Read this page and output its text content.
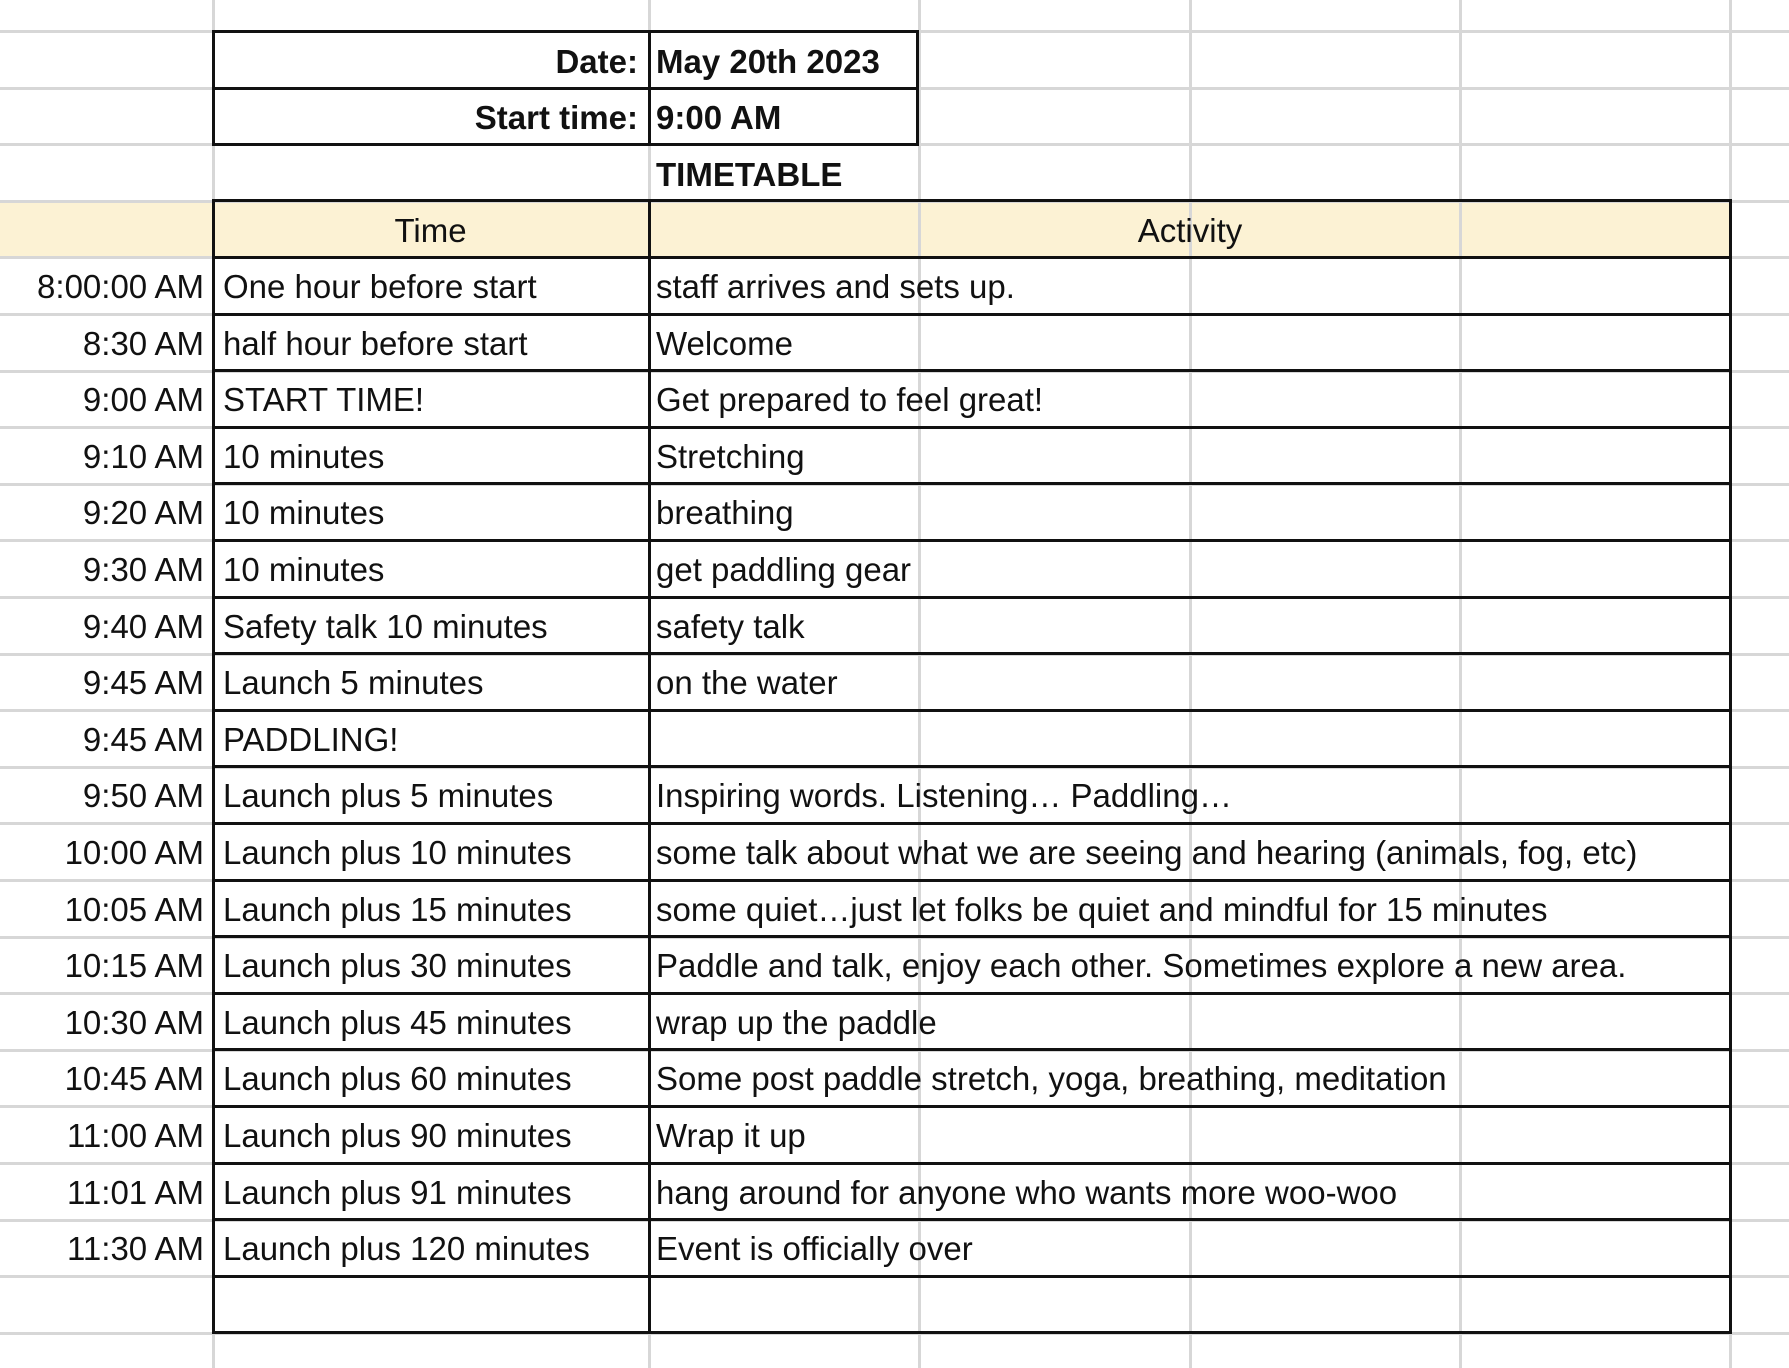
Date: May 20th 2023
Start time: 9:00 AM
TIMETABLE
Time	Activity
8:00:00 AM One hour before start	staff arrives and sets up.
8:30 AM half hour before start	Welcome
9:00 AM START TIME!	Get prepared to feel great!
9:10 AM 10 minutes	Stretching
9:20 AM 10 minutes	breathing
9:30 AM 10 minutes	get paddling gear
9:40 AM Safety talk 10 minutes	safety talk
9:45 AM Launch 5 minutes	on the water
9:45 AM PADDLING!
9:50 AM Launch plus 5 minutes	Inspiring words. Listening… Paddling…
10:00 AM Launch plus 10 minutes	some talk about what we are seeing and hearing (animals, fog, etc)
10:05 AM Launch plus 15 minutes	some quiet…just let folks be quiet and mindful for 15 minutes
10:15 AM Launch plus 30 minutes	Paddle and talk, enjoy each other. Sometimes explore a new area.
10:30 AM Launch plus 45 minutes	wrap up the paddle
10:45 AM Launch plus 60 minutes	Some post paddle stretch, yoga, breathing, meditation
11:00 AM Launch plus 90 minutes	Wrap it up
11:01 AM Launch plus 91 minutes	hang around for anyone who wants more woo-woo
11:30 AM Launch plus 120 minutes	Event is officially over
